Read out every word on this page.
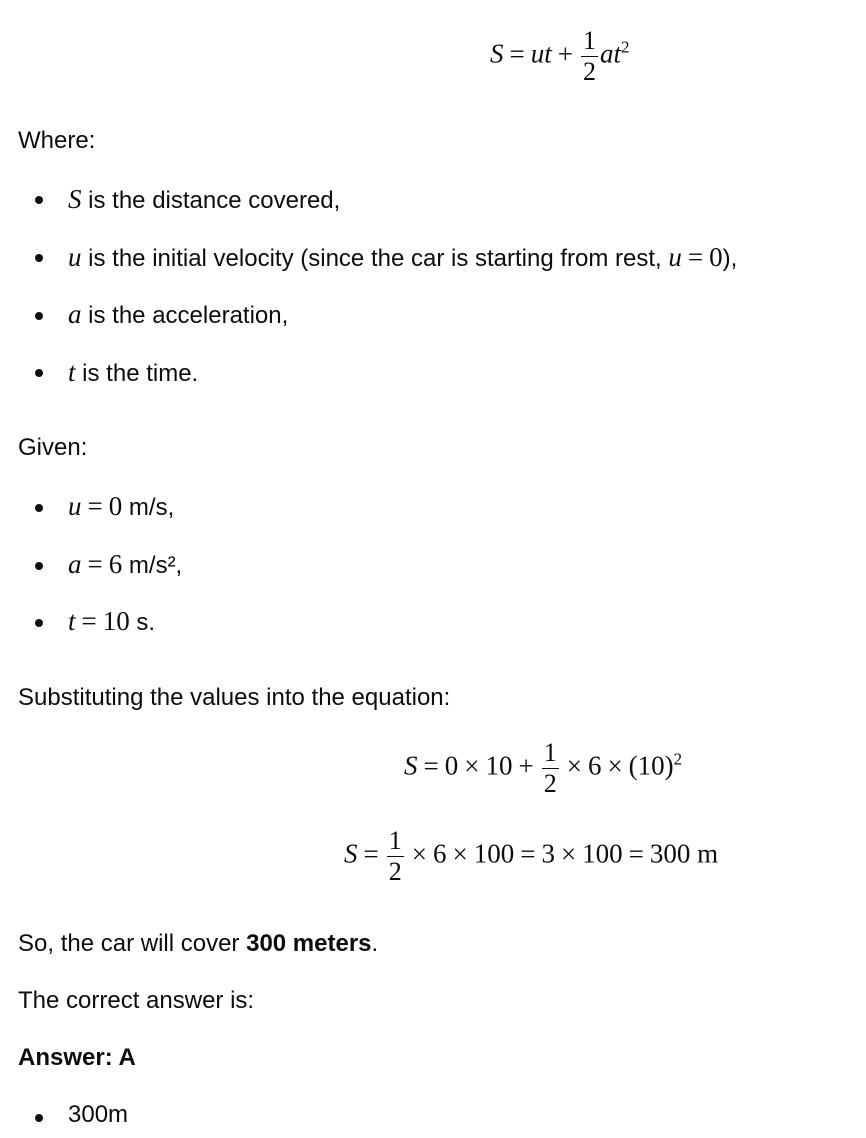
S = ut + $\frac{1}{2} at^2$
Where:
S is the distance covered,
u is the initial velocity (since the car is starting from rest, u = 0),
a is the acceleration,
t is the time.
Given:
u = 0 m/s,
a = 6 m/s²,
t = 10 s.
Substituting the values into the equation:
$S = 0 \times 10 + \frac{1}{2} \times 6 \times (10)^2$
$S = \frac{1}{2} \times 6 \times 100 = 3 \times 100 = 300$ m
So, the car will cover 300 meters.
The correct answer is:
Answer: A
300m
